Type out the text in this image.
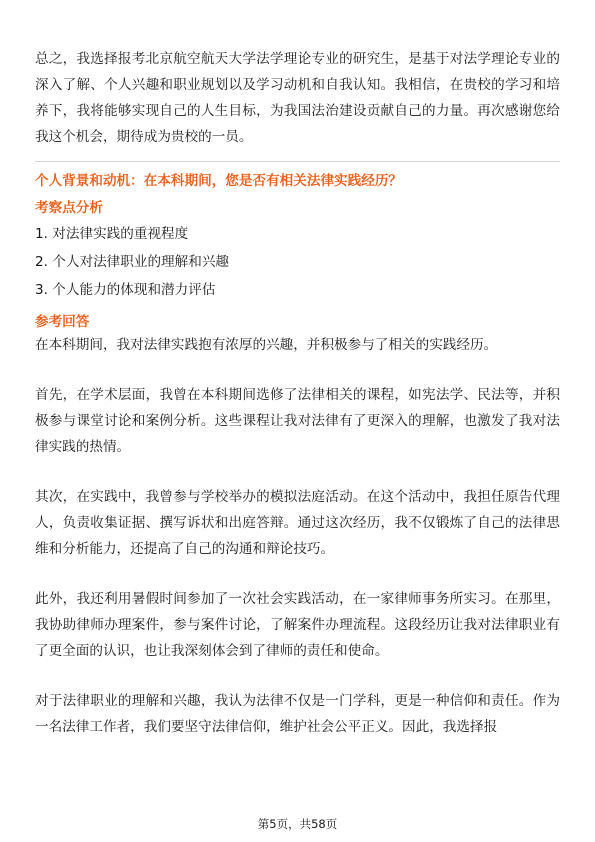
总之，我选择报考北京航空航天大学法学理论专业的研究生，是基于对法学理论专业的深入了解、个人兴趣和职业规划以及学习动机和自我认知。我相信，在贵校的学习和培养下，我将能够实现自己的人生目标，为我国法治建设贡献自己的力量。再次感谢您给我这个机会，期待成为贵校的一员。

个人背景和动机：在本科期间，您是否有相关法律实践经历？

考察点分析

1. 对法律实践的重视程度
2. 个人对法律职业的理解和兴趣
3. 个人能力的体现和潜力评估

参考回答

在本科期间，我对法律实践抱有浓厚的兴趣，并积极参与了相关的实践经历。

首先，在学术层面，我曾在本科期间选修了法律相关的课程，如宪法学、民法等，并积极参与课堂讨论和案例分析。这些课程让我对法律有了更深入的理解，也激发了我对法律实践的热情。

其次，在实践中，我曾参与学校举办的模拟法庭活动。在这个活动中，我担任原告代理人，负责收集证据、撰写诉状和出庭答辩。通过这次经历，我不仅锻炼了自己的法律思维和分析能力，还提高了自己的沟通和辩论技巧。

此外，我还利用暑假时间参加了一次社会实践活动，在一家律师事务所实习。在那里，我协助律师办理案件，参与案件讨论，了解案件办理流程。这段经历让我对法律职业有了更全面的认识，也让我深刻体会到了律师的责任和使命。

对于法律职业的理解和兴趣，我认为法律不仅是一门学科，更是一种信仰和责任。作为一名法律工作者，我们要坚守法律信仰，维护社会公平正义。因此，我选择报

第5页，共58页
